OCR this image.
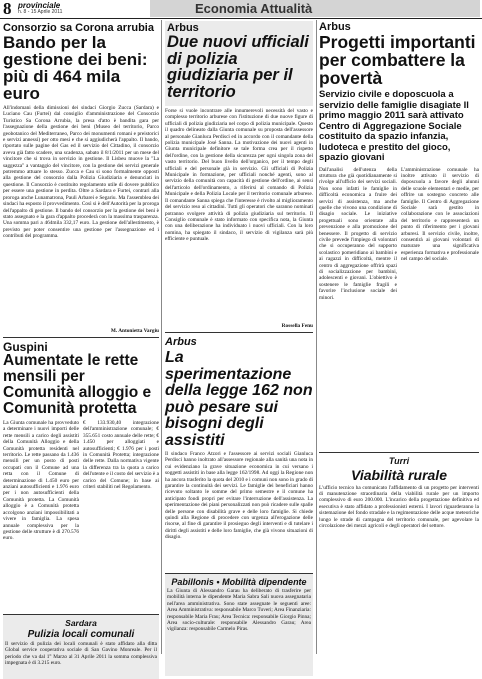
8 provinciale
n. 8 - 15 Aprile 2011	Economia Attualità
Consorzio sa Corona arrubia
Bando per la gestione dei beni: più di 464 mila euro

All'indomani della dimissioni dei sindaci Giorgio Zucca (Sardara) e Luciano Cau (Furtei) dal consiglio d'amministrazione del Consorzio Turistico Sa Corona Arrubia, la presa d'atto è bandita gara per l'assegnazione della gestione dei beni (Museo del territorio, Parco geobotanico del Mediterraneo, Parco dei monumenti romani e preistorici e servizi annessi) per otto mesi e che si aggiudicherà l'appalto. Il bando, riportato sulle pagine del Gas ed il servizio del Cittadino, il consorzio aveva già fatto scadere, una scadenza, sabato il 8/1/2011 per un mese del vincitore che si trova in servizio in gestione. Il Lisbeu muove la "La saggezza" a vantaggio del vincitore, con la gestione dei servizi generale potremmo attuare lo stesso. Zucca e Cau si sono formalmente opposti alla gestione del consorzio dalla Polizia Giudiziaria e denunciati in questione. Il Consorzio è costituito regolamento utile di dovere pubblico per essere una gestione in perdita. Oltre a Sardara e Furtei, contrari alla proroga anche Lunamatrona, Pauli Arbarei e Segariu. Ma l'assemblea dei sindaci ha esposto il provvedimento. Così si è dell'Autorità per la proroga dell'appalto di gestione. Il bando del consorzio per la gestione dei beni è stato assegnato e la gara d'appalto procederà con la massima trasparenza. Una somma pari a 464mila 332,17 euro. La gestione dell'allestimento, è previsto per poter consentire una gestione per l'assegnazione ed i contributi del programma.

M. Antonietta Vargiu

Guspini
Aumentate le rette mensili per Comunità alloggio e Comunità protetta

La Giunta comunale ha provveduto a determinare i nuovi importi delle rette mensili a carico degli assistiti della Comunità Alloggio e della Comunità protetta residenti nel territorio. Le rette passano da 1.436 mensili per un posto di posti occupati con il Comune ad una retta con il Comune di determinazione di 1.450 euro per anziani autosufficienti e 1.976 euro per i non autosufficienti della Comunità protetta. La Comunità alloggio è a Comunità protetta accolgono anziani impossibilitati a vivere in famiglia. La spesa annuale complessiva per la gestione delle strutture è di 270.576 euro.

€ 133.930,40 integrazione dell'amministrazione comunale; € 355.651 costo annuale delle rette; € 1.450 per alloggiati e autosufficienti; € 1.976 per i posti in Comunità Protetta; integrazione delle rette. Dalla normativa vigente la differenza tra la quota a carico dell'utente e il costo del servizio è a carico del Comune; in base ai criteri stabiliti nel Regolamento.

Sardara
Pulizia locali comunali

Il servizio di pulizia dei locali comunali è stato affidato alla ditta Global service cooperativa sociale di San Gavino Monreale. Per il periodo che va dal 1° Marzo al 31 Aprile 2011 la somma complessiva impegnata è di 3.215 euro.

Arbus
Due nuovi ufficiali di polizia giudiziaria per il territorio

Forse si vuole incontrare alle innumerevoli necessità del vasto e complesso territorio arburese con l'istituzione di due nuove figure di ufficiali di polizia giudiziaria nel corpo di polizia municipale. Questo il quadro delineato dalla Giunta comunale su proposta dell'assessore al personale Gianluca Perdisci ed in accordo con il comandante della polizia municipale José Sanna. La motivazione dei nuovi agenti in Giunta municipale definitore se tale forma crea per il rispetto dell'ordine, con la gestione della sicurezza per ogni singola zona del vasto territorio. Del buon livello dell'organico, per il tempo degli ufficiali e del personale già in servizio. Gli ufficiali di Polizia Municipale in formazione, per ufficiali nonché agenti, sono al servizio della comunità con capacità di gestione dell'ordine, ai sensi dell'articolo dell'ordinamento, a riferirsi al comando di Polizia Municipale e della Polizia Locale per il territorio comunale arburese. Il comandante Sanna spiega che l'interesse è rivolto al miglioramento del servizio reso ai cittadini. Tutti gli operatori che saranno nominati potranno svolgere attività di polizia giudiziaria sul territorio. Il Consiglio comunale è stato informato con specifica nota, la Giunta con una deliberazione ha individuato i nuovi ufficiali. Con la loro nomina, ha spiegato il sindaco, il servizio di vigilanza sarà più efficiente e puntuale.

Rossella Fenu

Arbus
La sperimentazione della legge 162 non può pesare sui bisogni degli assistiti

Il sindaco Franco Atzori e l'assessore ai servizi sociali Gianluca Perdisci hanno inoltrato all'assessore regionale alla sanità una nota in cui evidenziano la grave situazione economica in cui versano i soggetti assistiti in base alla legge 162/1998. Ad oggi la Regione non ha ancora trasferito la quota del 2010 e i comuni non sono in grado di garantire la continuità dei servizi. Le famiglie dei beneficiari hanno ricevuto soltanto le somme del primo semestre e il comune ha anticipato fondi propri per evitare l'interruzione dell'assistenza. La sperimentazione dei piani personalizzati non può ricadere sulle spalle delle persone con disabilità grave e delle loro famiglie. Si chiede quindi alla Regione di procedere con urgenza all'erogazione delle risorse, al fine di garantire il prosieguo degli interventi e di tutelare i diritti degli assistiti e delle loro famiglie, che già vivono situazioni di disagio.

Pabillonis • Mobilità dipendente

La Giunta di Alessandro Garau ha deliberato di trasferire per mobilità interna le dipendente Maria Sabra Sali nuova assegnataria nell'area amministrativa. Sono state assegnate le seguenti aree: Area Amministrativa: responsabile Marco Tuveri; Area Finanziaria: responsabile Maria Frau; Area Tecnica: responsabile Giorgio Pinna; Area socio-culturale: responsabile Alessandro Garau; Area vigilanza: responsabile Carmelo Piras.

Arbus
Progetti importanti per combattere la povertà
Servizio civile e doposcuola a servizio delle famiglie disagiate Il primo maggio 2011 sarà attivato Centro di Aggregazione Sociale costituito da spazio infanzia, ludoteca e prestito del gioco, spazio giovani

Dall'analisi dell'utenza della struttura che già quotidianamente si rivolge all'ufficio dei servizi sociali. Non sono infatti le famiglie in difficoltà economica a fruire dei servizi di assistenza, ma anche quelle che vivono una condizione di disagio sociale. Le iniziative progettuali sono orientate alla prevenzione e alla promozione del benessere. Il progetto di servizio civile prevede l'impiego di volontari che si occuperanno del supporto scolastico pomeridiano ai bambini e ai ragazzi in difficoltà, mentre il centro di aggregazione offrirà spazi di socializzazione per bambini, adolescenti e giovani. L'obiettivo è sostenere le famiglie fragili e favorire l'inclusione sociale dei minori.

L'amministrazione comunale ha inoltre attivato il servizio di doposcuola a favore degli alunni delle scuole elementari e medie, per offrire un sostegno concreto alle famiglie. Il Centro di Aggregazione Sociale sarà gestito in collaborazione con le associazioni del territorio e rappresenterà un punto di riferimento per i giovani arburesi. Il servizio civile, inoltre, consentirà ai giovani volontari di maturare una significativa esperienza formativa e professionale nel campo del sociale.

Turri
Viabilità rurale

L'ufficio tecnico ha comunicato l'affidamento di un progetto per interventi di manutenzione straordinaria della viabilità rurale per un importo complessivo di euro 200.000. L'incarico della progettazione definitiva ed esecutiva è stato affidato a professionisti esterni. I lavori riguarderanno la sistemazione del fondo stradale e la regimentazione delle acque meteoriche lungo le strade di campagna del territorio comunale, per agevolare la circolazione dei mezzi agricoli e degli operatori del settore.
